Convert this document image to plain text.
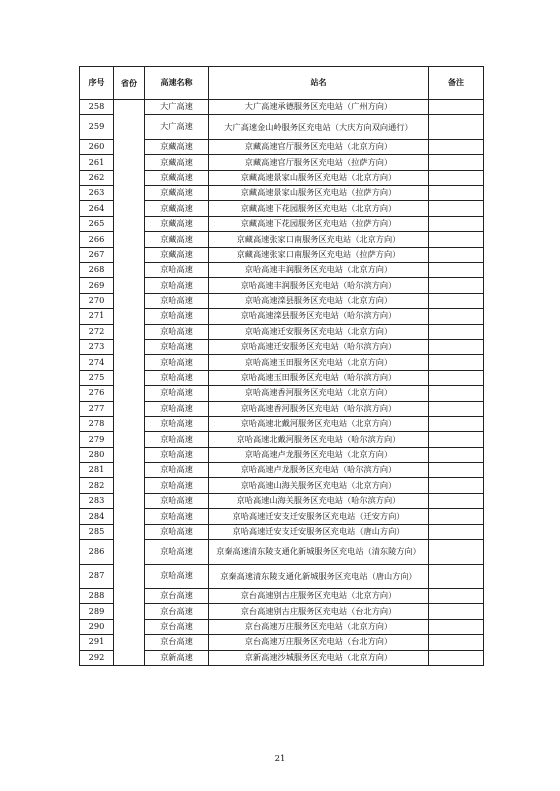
序号	省份	高速名称	站名	备注
258		大广高速	大广高速承德服务区充电站（广州方向）	
259		大广高速	大广高速金山岭服务区充电站（大庆方向双向通行）	
260		京藏高速	京藏高速官厅服务区充电站（北京方向）	
261		京藏高速	京藏高速官厅服务区充电站（拉萨方向）	
262		京藏高速	京藏高速景家山服务区充电站（北京方向）	
263		京藏高速	京藏高速景家山服务区充电站（拉萨方向）	
264		京藏高速	京藏高速下花园服务区充电站（北京方向）	
265		京藏高速	京藏高速下花园服务区充电站（拉萨方向）	
266		京藏高速	京藏高速张家口南服务区充电站（北京方向）	
267		京藏高速	京藏高速张家口南服务区充电站（拉萨方向）	
268		京哈高速	京哈高速丰润服务区充电站（北京方向）	
269		京哈高速	京哈高速丰润服务区充电站（哈尔滨方向）	
270		京哈高速	京哈高速滦县服务区充电站（北京方向）	
271		京哈高速	京哈高速滦县服务区充电站（哈尔滨方向）	
272		京哈高速	京哈高速迁安服务区充电站（北京方向）	
273		京哈高速	京哈高速迁安服务区充电站（哈尔滨方向）	
274		京哈高速	京哈高速玉田服务区充电站（北京方向）	
275		京哈高速	京哈高速玉田服务区充电站（哈尔滨方向）	
276		京哈高速	京哈高速香河服务区充电站（北京方向）	
277		京哈高速	京哈高速香河服务区充电站（哈尔滨方向）	
278		京哈高速	京哈高速北戴河服务区充电站（北京方向）	
279		京哈高速	京哈高速北戴河服务区充电站（哈尔滨方向）	
280		京哈高速	京哈高速卢龙服务区充电站（北京方向）	
281		京哈高速	京哈高速卢龙服务区充电站（哈尔滨方向）	
282		京哈高速	京哈高速山海关服务区充电站（北京方向）	
283		京哈高速	京哈高速山海关服务区充电站（哈尔滨方向）	
284		京哈高速	京哈高速迁安支迁安服务区充电站（迁安方向）	
285		京哈高速	京哈高速迁安支迁安服务区充电站（唐山方向）	
286		京哈高速	京秦高速清东陵支通化新城服务区充电站（清东陵方向）	
287		京哈高速	京秦高速清东陵支通化新城服务区充电站（唐山方向）	
288		京台高速	京台高速别古庄服务区充电站（北京方向）	
289		京台高速	京台高速别古庄服务区充电站（台北方向）	
290		京台高速	京台高速万庄服务区充电站（北京方向）	
291		京台高速	京台高速万庄服务区充电站（台北方向）	
292		京新高速	京新高速沙城服务区充电站（北京方向）	
21
